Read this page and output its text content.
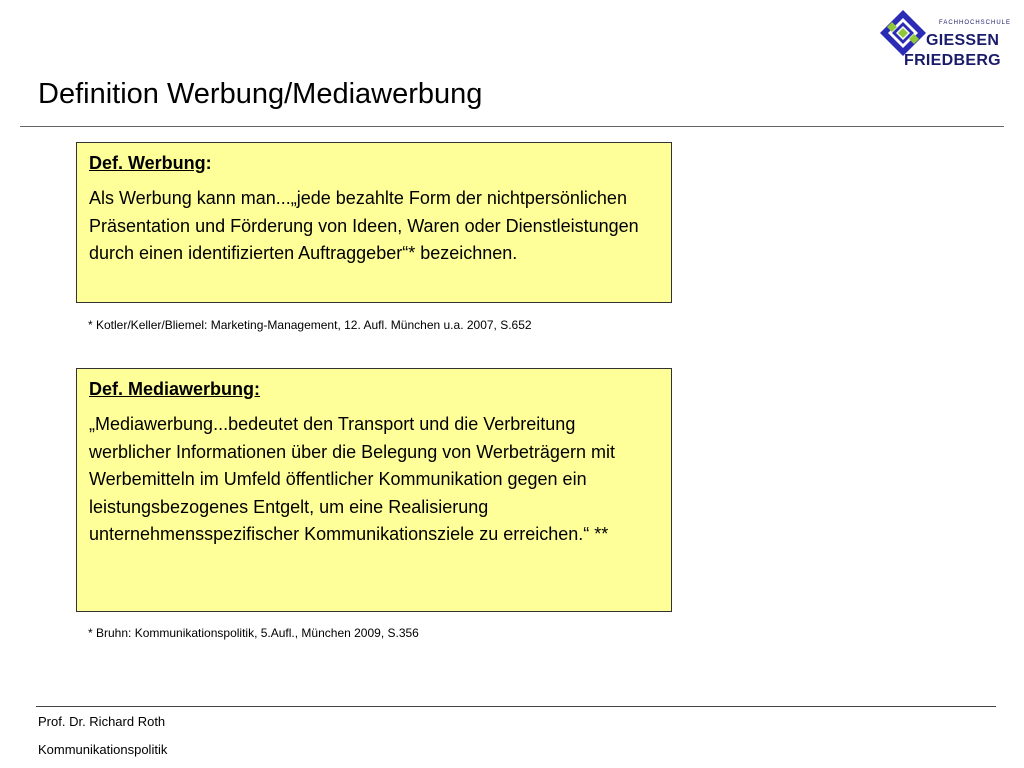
FACHHOCHSCHULE
GIESSEN
FRIEDBERG
Definition Werbung/Mediawerbung
Def. Werbung:
Als Werbung kann man...„jede bezahlte Form der nichtpersönlichen Präsentation und Förderung von Ideen, Waren oder Dienstleistungen durch einen identifizierten Auftraggeber“* bezeichnen.
* Kotler/Keller/Bliemel: Marketing-Management, 12. Aufl. München u.a. 2007, S.652
Def. Mediawerbung:
„Mediawerbung...bedeutet den Transport und die Verbreitung werblicher Informationen über die Belegung von Werbeträgern mit Werbemitteln im Umfeld öffentlicher Kommunikation gegen ein leistungsbezogenes Entgelt, um eine Realisierung unternehmensspezifischer Kommunikationsziele zu erreichen.“ **
* Bruhn: Kommunikationspolitik, 5.Aufl., München 2009, S.356
Prof. Dr. Richard Roth
Kommunikationspolitik
